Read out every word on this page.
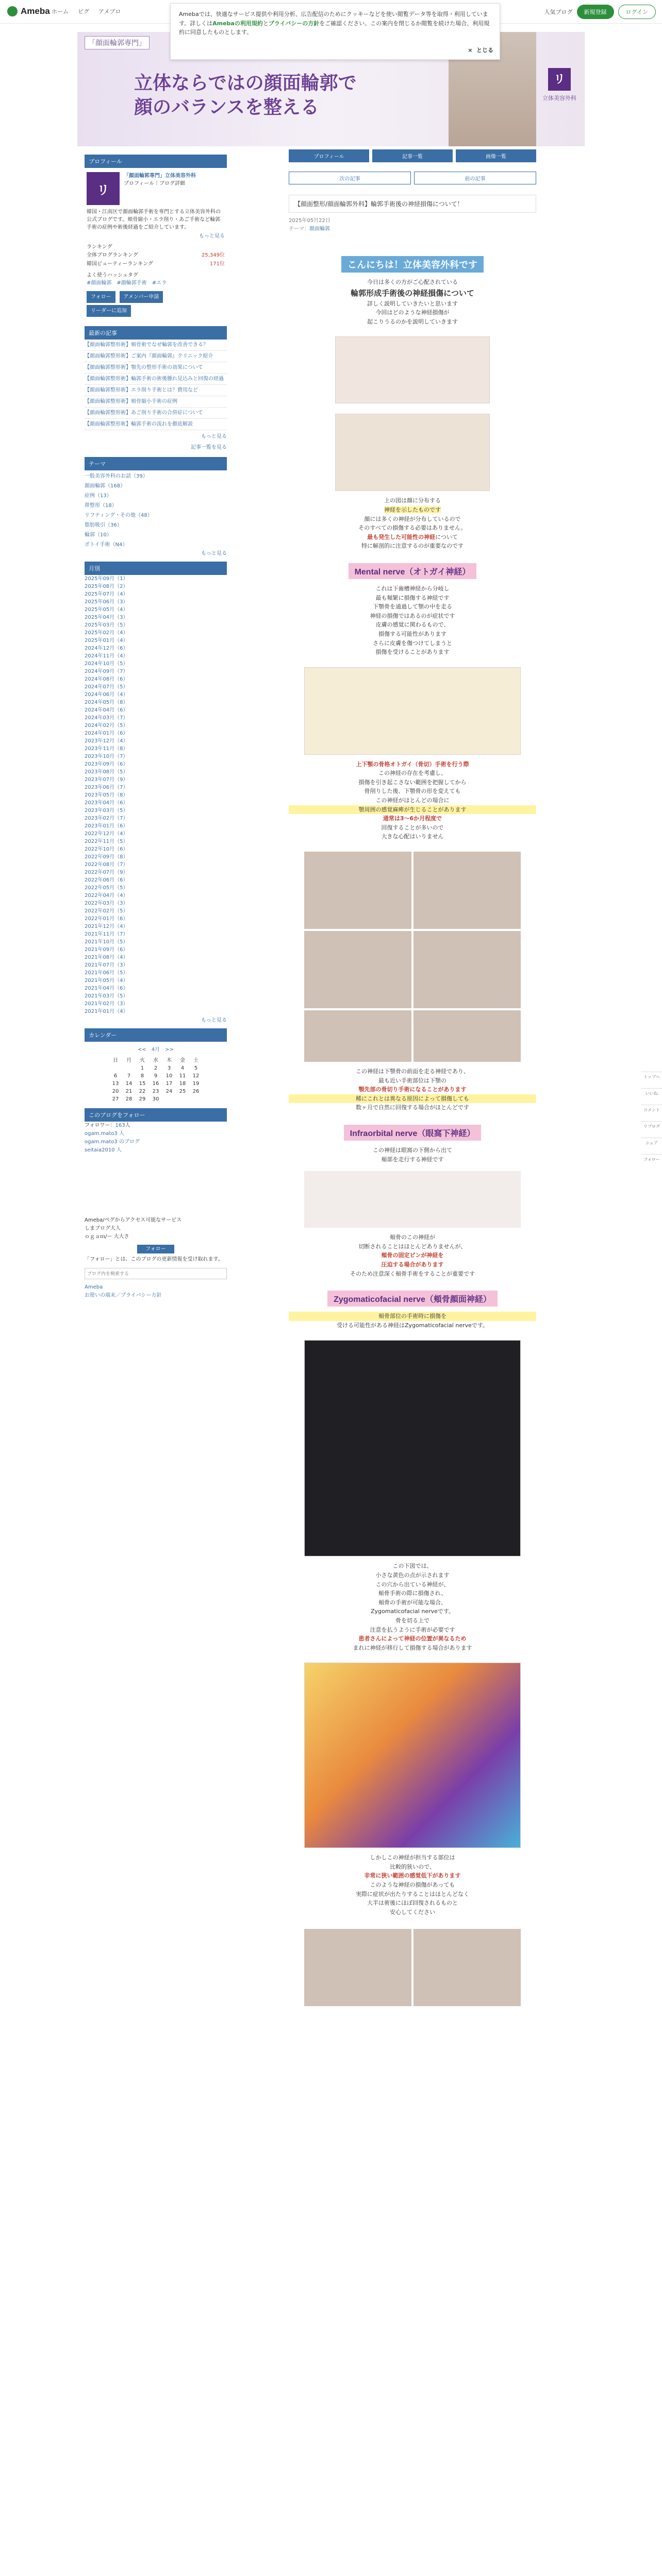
Ameba ホーム ピグ アメブロ	人気ブログ	新規登録	ログイン
Amebaでは、快適なサービス提供や利用分析、広告配信のためにクッキーなどを使い閲覧データ等を取得・利用しています。詳しくはAmebaの利用規約とプライバシーの方針をご確認ください。この案内を閉じるか閲覧を続けた場合、利用規約に同意したものとします。
× とじる
「顔面輪郭専門」
立体ならではの顔面輪郭で
顔のバランスを整える
リ
立体美容外科
プロフィール
リ
「顔面輪郭専門」立体美容外科
プロフィール｜ブログ詳細
韓国・江南区で顔面輪郭手術を専門とする立体美容外科の公式ブログです。頬骨縮小・エラ削り・あご手術など輪郭手術の症例や術後経過をご紹介しています。
もっと見る
ランキング
全体ブログランキング	25,349位
韓国ビューティーランキング	171位
よく使うハッシュタグ
#顔面輪郭　 #顔輪郭手術　 #エラ
フォロー	アメンバー申請
リーダーに追加
最新の記事
【顔面輪郭整形術】頬骨術でなぜ輪郭を改善できる？
【顔面輪郭整形術】ご案内『顔面輪郭』クリニック紹介
【顔面輪郭整形術】顎先の整形手術の効果について
【顔面輪郭整形術】輪郭手術の術後腫れ見込みと回復の経過
【顔面輪郭整形術】エラ削り手術とは？費用など
【顔面輪郭整形術】頬骨縮小手術の症例
【顔面輪郭整形術】あご削り手術の合併症について
【顔面輪郭整形術】輪郭手術の流れを徹底解説
もっと見る
記事一覧を見る
テーマ
一般美容外科のお話（39）
顔面輪郭（168）
症例（13）
鼻整形（18）
リフティング・その他（48）
脂肪吸引（36）
輪郭（10）
ポトイ手術（N4）
もっと見る
月別
2025年09月（1）
2025年08月（2）
2025年07月（4）
2025年06月（3）
2025年05月（4）
2025年04月（3）
2025年03月（5）
2025年02月（4）
2025年01月（4）
2024年12月（6）
2024年11月（4）
2024年10月（5）
2024年09月（7）
2024年08月（6）
2024年07月（5）
2024年06月（4）
2024年05月（8）
2024年04月（6）
2024年03月（7）
2024年02月（5）
2024年01月（6）
2023年12月（4）
2023年11月（8）
2023年10月（7）
2023年09月（6）
2023年08月（5）
2023年07月（9）
2023年06月（7）
2023年05月（8）
2023年04月（6）
2023年03月（5）
2023年02月（7）
2023年01月（6）
2022年12月（4）
2022年11月（5）
2022年10月（6）
2022年09月（8）
2022年08月（7）
2022年07月（9）
2022年06月（6）
2022年05月（5）
2022年04月（4）
2022年03月（3）
2022年02月（5）
2022年01月（6）
2021年12月（4）
2021年11月（7）
2021年10月（5）
2021年09月（6）
2021年08月（4）
2021年07月（3）
2021年06月（5）
2021年05月（4）
2021年04月（6）
2021年03月（5）
2021年02月（3）
2021年01月（4）
もっと見る
カレンダー
<<　4月　>>
日	月	火	水	木	金	土
		1	2	3	4	5
6	7	8	9	10	11	12
13	14	15	16	17	18	19
20	21	22	23	24	25	26
27	28	29	30			
このブログをフォロー
フォロワー：163人
ogam.mato3 人
ogam.mato3 のブログ
seitaia2010 人
Ameba/ペグからアクセス可能なサービス
しまブログ大人
ｏｇａｍ/ー 大大さ
フォロー
「フォロー」とは、このブログの更新情報を受け取れます。
ブログ内を検索する
Ameba
お使いの端末／プライバシー方針
プロフィール	記事一覧	画像一覧
次の記事	前の記事
【顔面整形/顔面輪郭外科】輪郭手術後の神経損傷について！
2025年05月22日
テーマ：顔面輪郭
こんにちは！立体美容外科です
今日は多くの方がご心配されている
輪郭形成手術後の神経損傷について
詳しく説明していきたいと思います
今回はどのような神経損傷が
起こりうるのかを説明していきます
上の図は顔に分布する
神経を示したものです
顔には多くの神経が分布しているので
そのすべての損傷する必要はありません。
最も発生した可能性の神経について
特に解剖的に注意するのが重要なのです
Mental nerve（オトガイ神経）
これは下歯槽神経から分岐し
最も頻繁に損傷する神経です
下顎骨を通過して顎の中を走る
神経の損傷ではあるのが症状です
皮膚の感覚に関わるもので、
損傷する可能性があります
さらに皮膚を傷つけてしまうと
損傷を受けることがあります
上下顎の骨格オトガイ（骨切）手術を行う際
この神経の存在を考慮し、
損傷を引き起こさない範囲を把握してから
骨削りした後、下顎骨の形を変えても
この神経がほとんどの場合に
顎周囲の感覚麻痺が生じることがあります
通常は3〜6か月程度で
回復することが多いので
大きな心配はいりません
この神経は下顎骨の前面を走る神経であり、
最も近い手術部位は下顎の
顎先部の骨切り手術になることがあります
稀にこれとは異なる原因によって損傷しても
数ヶ月で自然に回復する場合がほとんどです
Infraorbital nerve（眼窩下神経）
この神経は眼窩の下側から出て
頬部を走行する神経です
頬骨のこの神経が
切断されることはほとんどありませんが、
頬骨の固定ピンが神経を
圧迫する場合があります
そのため注意深く頬骨手術をすることが重要です
Zygomaticofacial nerve（頬骨顔面神経）
頬骨部位の手術時に損傷を
受ける可能性がある神経はZygomaticofacial nerveです。
この下図では、
小さな黄色の点が示されます
この穴から出ている神経が、
頬骨手術の際に損傷され、
頬骨の手術が可能な場合、
Zygomaticofacial nerveです。
骨を切る上で
注意を払うように手術が必要です
患者さんによって神経の位置が異なるため
まれに神経が移行して損傷する場合があります
しかしこの神経が担当する部位は
比較的狭いので、
非常に狭い範囲の感覚低下があります
このような神経の損傷があっても
実際に症状が出たりすることはほとんどなく
大半は術後にほぼ回復されるものと
安心してください
トップへ
いいね
コメント
リブログ
シェア
フォロー
